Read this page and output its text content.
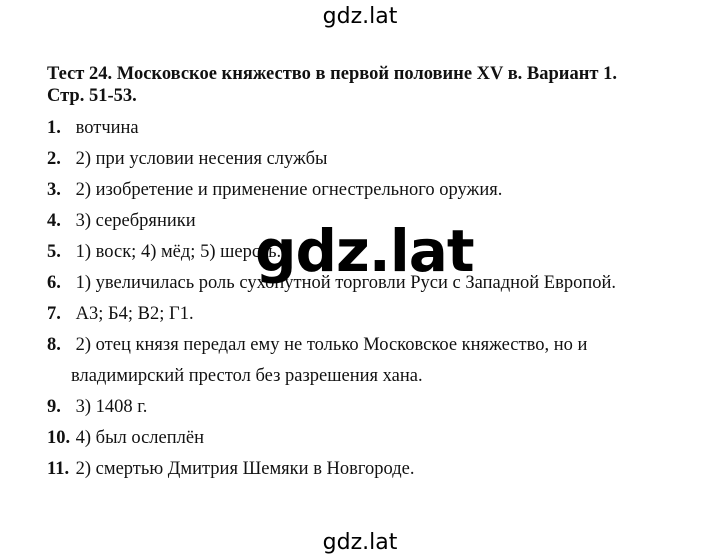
gdz.lat
Тест 24. Московское княжество в первой половине XV в. Вариант 1.
Стр. 51-53.
1. вотчина
2. 2) при условии несения службы
3. 2) изобретение и применение огнестрельного оружия.
4. 3) серебряники
5. 1) воск; 4) мёд; 5) шерсть.
6. 1) увеличилась роль сухопутной торговли Руси с Западной Европой.
7. А3; Б4; В2; Г1.
8. 2) отец князя передал ему не только Московское княжество, но и
владимирский престол без разрешения хана.
9. 3) 1408 г.
10. 4) был ослеплён
11. 2) смертью Дмитрия Шемяки в Новгороде.
gdz.lat
gdz.lat
